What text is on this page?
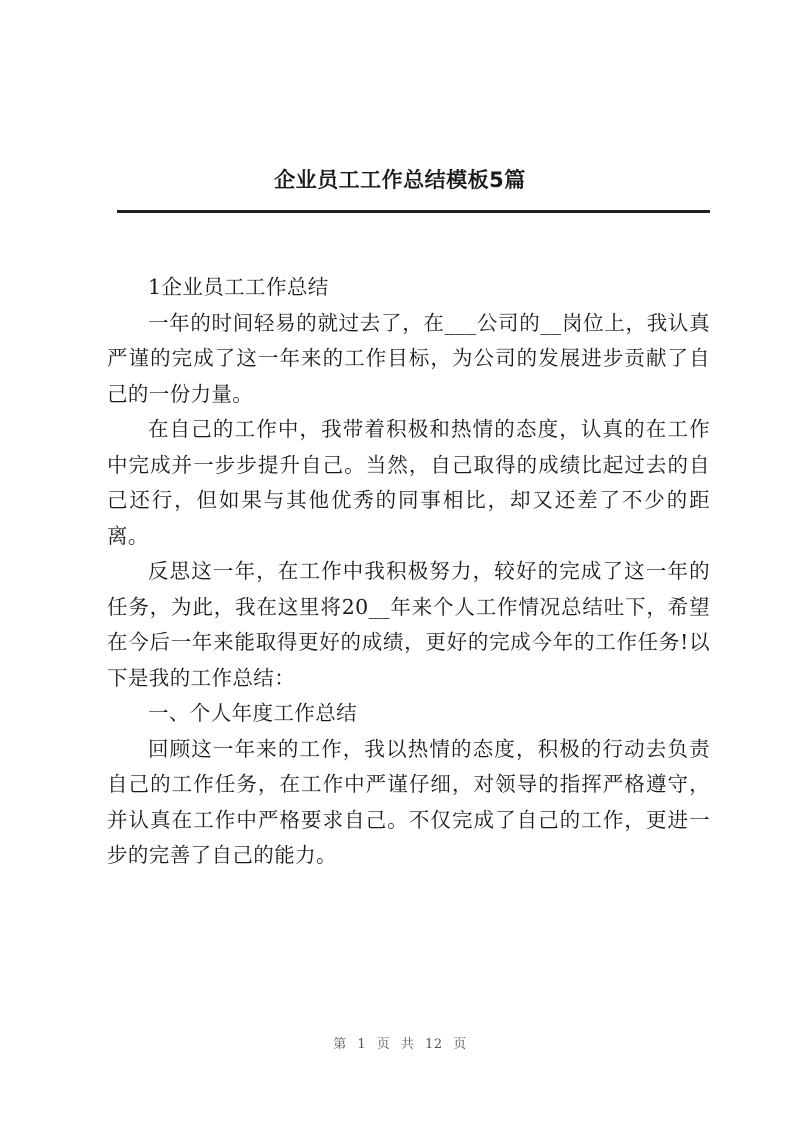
企业员工工作总结模板5篇

1企业员工工作总结

一年的时间轻易的就过去了，在___公司的__岗位上，我认真严谨的完成了这一年来的工作目标，为公司的发展进步贡献了自己的一份力量。

在自己的工作中，我带着积极和热情的态度，认真的在工作中完成并一步步提升自己。当然，自己取得的成绩比起过去的自己还行，但如果与其他优秀的同事相比，却又还差了不少的距离。

反思这一年，在工作中我积极努力，较好的完成了这一年的任务，为此，我在这里将20__年来个人工作情况总结吐下，希望在今后一年来能取得更好的成绩，更好的完成今年的工作任务!以下是我的工作总结：

一、个人年度工作总结

回顾这一年来的工作，我以热情的态度，积极的行动去负责自己的工作任务，在工作中严谨仔细，对领导的指挥严格遵守，并认真在工作中严格要求自己。不仅完成了自己的工作，更进一步的完善了自己的能力。

第 1 页 共 12 页
